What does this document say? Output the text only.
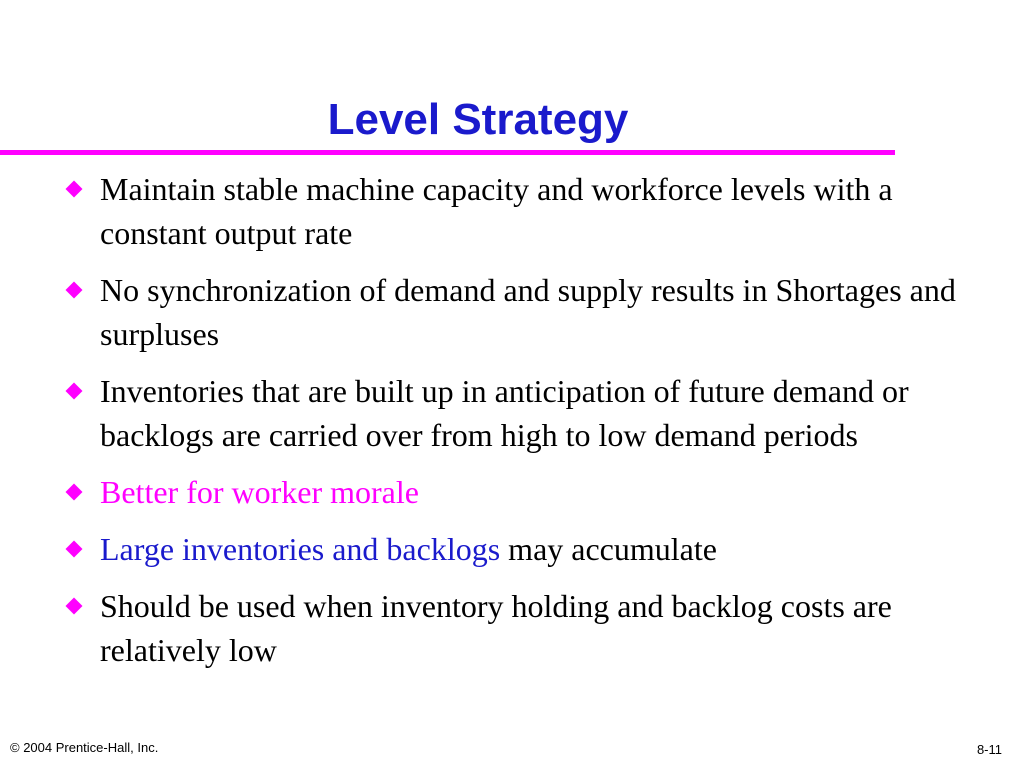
Level Strategy
Maintain stable machine capacity and workforce levels with a constant output rate
No synchronization of demand and supply results in Shortages and surpluses
Inventories that are built up in anticipation of future demand or backlogs are carried over from high to low demand periods
Better for worker morale
Large inventories and backlogs may accumulate
Should be used when inventory holding and backlog costs are relatively low
© 2004 Prentice-Hall, Inc.	8-11
